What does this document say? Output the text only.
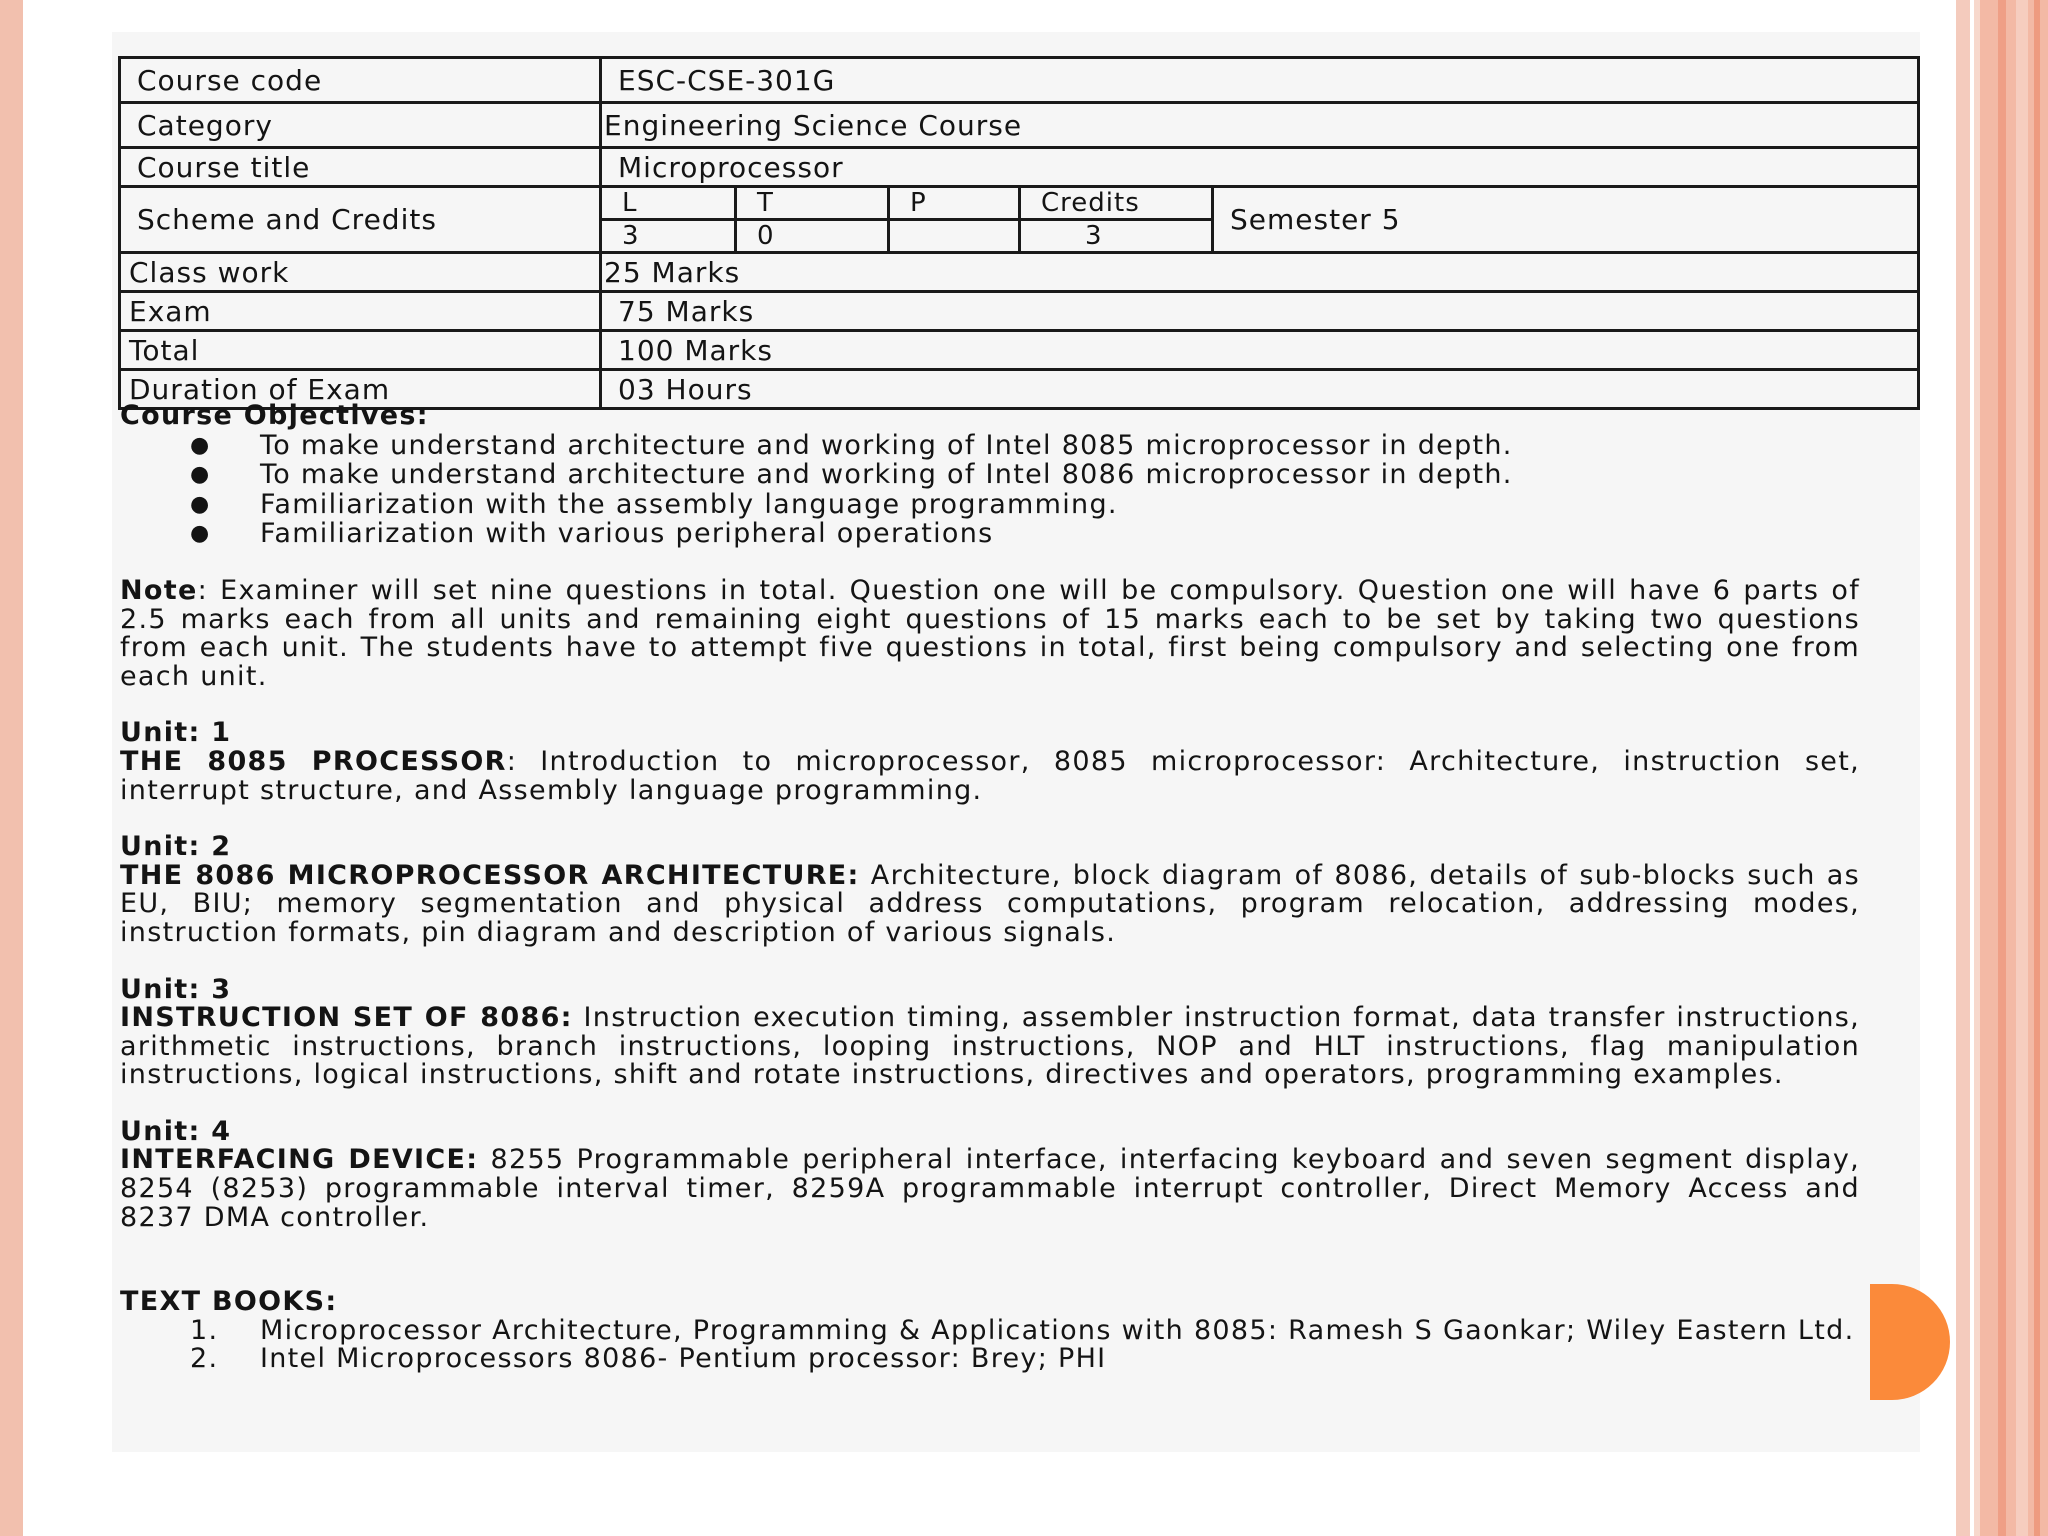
Course code	ESC-CSE-301G				
Category	Engineering Science Course				
Course title	Microprocessor				
Scheme and Credits	L	T	P	Credits	Semester 5
	3	0		3	
Class work	25 Marks				
Exam	75 Marks				
Total	100 Marks				
Duration of Exam	03 Hours				

Course Objectives:

● To make understand architecture and working of Intel 8085 microprocessor in depth.
● To make understand architecture and working of Intel 8086 microprocessor in depth.
● Familiarization with the assembly language programming.
● Familiarization with various peripheral operations

Note: Examiner will set nine questions in total. Question one will be compulsory. Question one will have 6 parts of 2.5 marks each from all units and remaining eight questions of 15 marks each to be set by taking two questions from each unit. The students have to attempt five questions in total, first being compulsory and selecting one from each unit.

Unit: 1

THE 8085 PROCESSOR: Introduction to microprocessor, 8085 microprocessor: Architecture, instruction set, interrupt structure, and Assembly language programming.

Unit: 2

THE 8086 MICROPROCESSOR ARCHITECTURE: Architecture, block diagram of 8086, details of sub-blocks such as EU, BIU; memory segmentation and physical address computations, program relocation, addressing modes, instruction formats, pin diagram and description of various signals.

Unit: 3

INSTRUCTION SET OF 8086: Instruction execution timing, assembler instruction format, data transfer instructions, arithmetic instructions, branch instructions, looping instructions, NOP and HLT instructions, flag manipulation instructions, logical instructions, shift and rotate instructions, directives and operators, programming examples.

Unit: 4

INTERFACING DEVICE: 8255 Programmable peripheral interface, interfacing keyboard and seven segment display, 8254 (8253) programmable interval timer, 8259A programmable interrupt controller, Direct Memory Access and 8237 DMA controller.

TEXT BOOKS:

1. Microprocessor Architecture, Programming & Applications with 8085: Ramesh S Gaonkar; Wiley Eastern Ltd.
2. Intel Microprocessors 8086- Pentium processor: Brey; PHI
